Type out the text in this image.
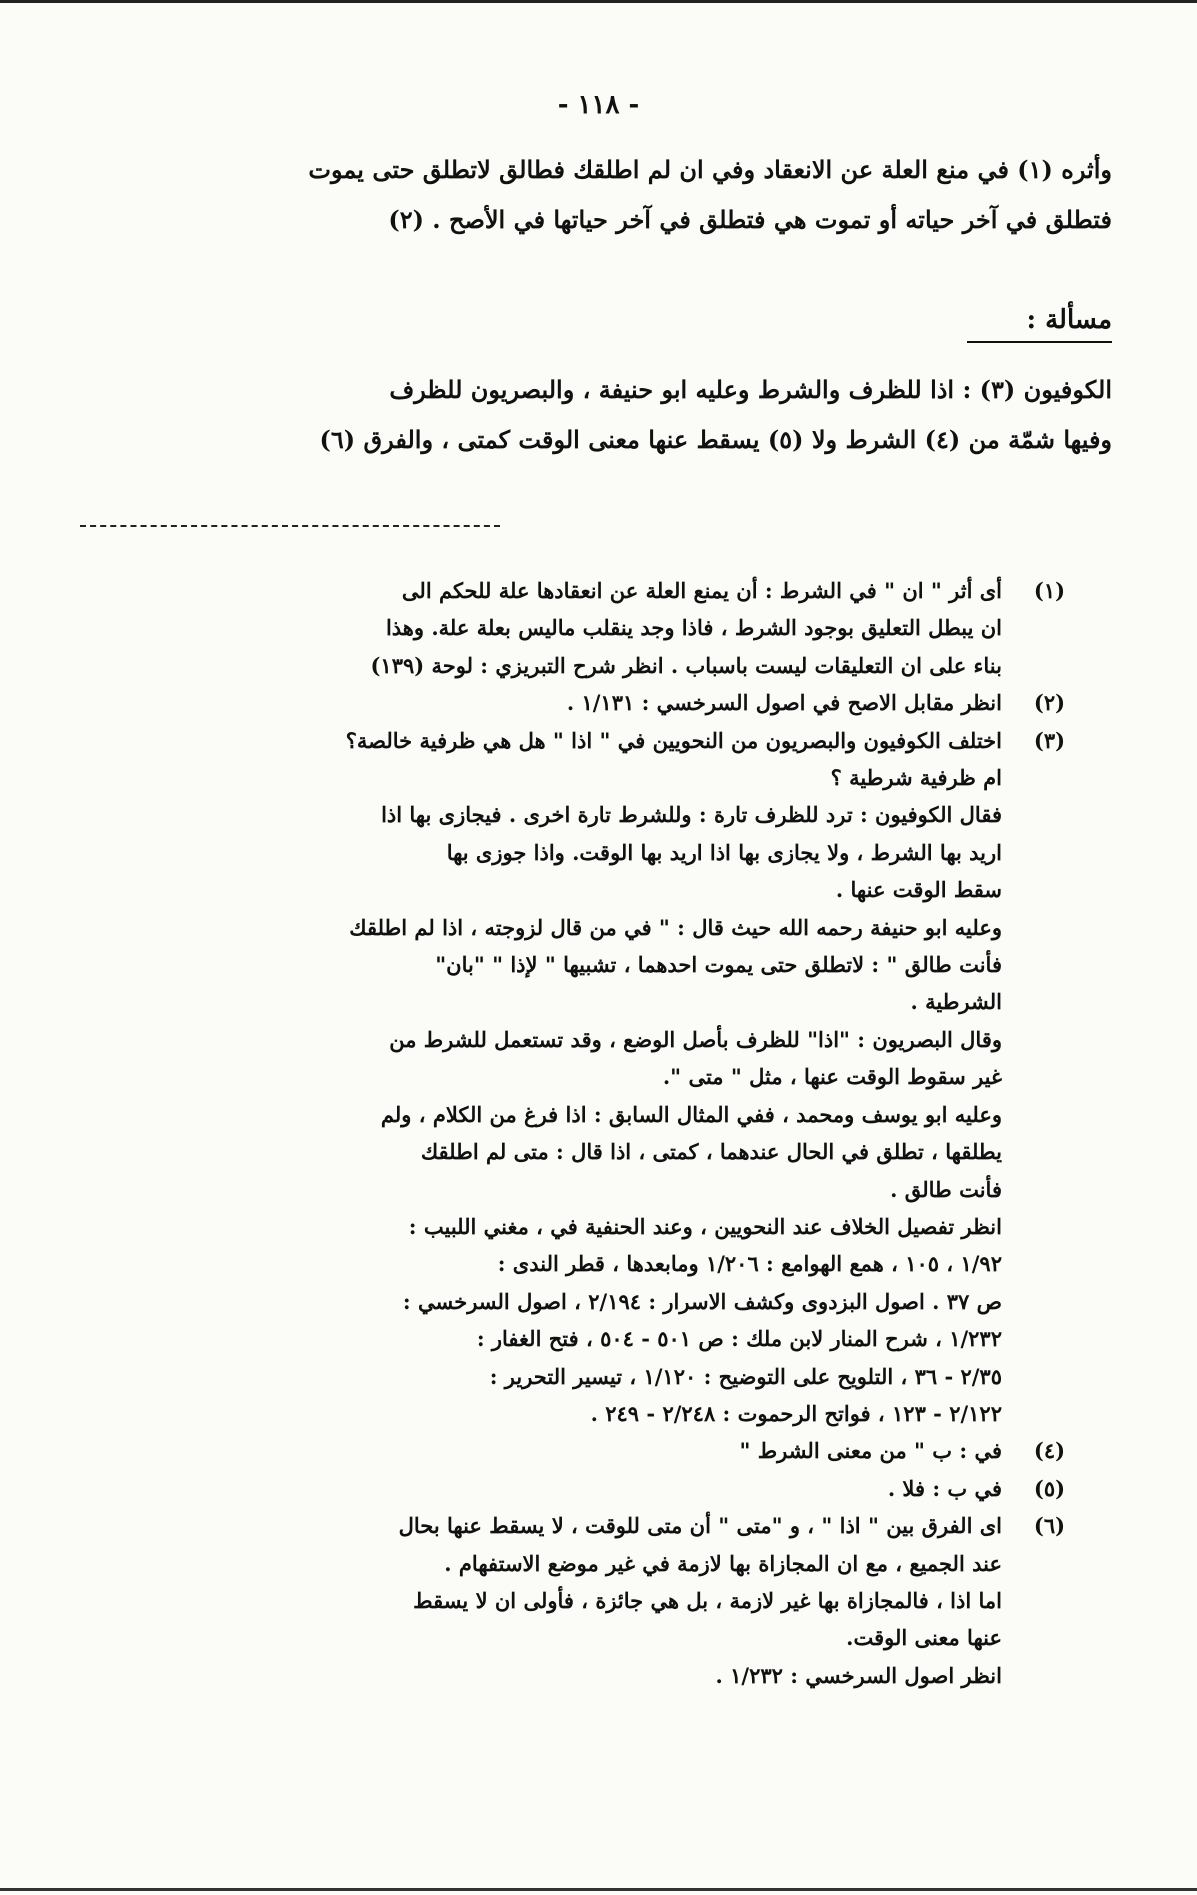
- ١١٨ -

وأثره (١) في منع العلة عن الانعقاد وفي ان لم اطلقك فطالق لاتطلق حتى يموت

فتطلق في آخر حياته أو تموت هي فتطلق في آخر حياتها في الأصح . (٢)

مسألة :

الكوفيون (٣) : اذا للظرف والشرط وعليه ابو حنيفة ، والبصريون للظرف

وفيها شمّة من (٤) الشرط ولا (٥) يسقط عنها معنى الوقت كمتى ، والفرق (٦)

(١)

أى أثر " ان " في الشرط : أن يمنع العلة عن انعقادها علة للحكم الى

ان يبطل التعليق بوجود الشرط ، فاذا وجد ينقلب ماليس بعلة علة. وهذا

بناء على ان التعليقات ليست باسباب . انظر شرح التبريزي : لوحة (١٣٩)

(٢)

انظر مقابل الاصح في اصول السرخسي : ١/١٣١ .

(٣)

اختلف الكوفيون والبصريون من النحويين في " اذا " هل هي ظرفية خالصة؟

ام ظرفية شرطية ؟

فقال الكوفيون : ترد للظرف تارة : وللشرط تارة اخرى . فيجازى بها اذا

اريد بها الشرط ، ولا يجازى بها اذا اريد بها الوقت. واذا جوزى بها

سقط الوقت عنها .

وعليه ابو حنيفة رحمه الله حيث قال : " في من قال لزوجته ، اذا لم اطلقك

فأنت طالق " : لاتطلق حتى يموت احدهما ، تشبيها " لإذا " "بان"

الشرطية .

وقال البصريون : "اذا" للظرف بأصل الوضع ، وقد تستعمل للشرط من

غير سقوط الوقت عنها ، مثل " متى ".

وعليه ابو يوسف ومحمد ، ففي المثال السابق : اذا فرغ من الكلام ، ولم

يطلقها ، تطلق في الحال عندهما ، كمتى ، اذا قال : متى لم اطلقك

فأنت طالق .

انظر تفصيل الخلاف عند النحويين ، وعند الحنفية في ، مغني اللبيب :

١/٩٢ ، ١٠٥ ، همع الهوامع : ١/٢٠٦ ومابعدها ، قطر الندى :

ص ٣٧ . اصول البزدوى وكشف الاسرار : ٢/١٩٤ ، اصول السرخسي :

١/٢٣٢ ، شرح المنار لابن ملك : ص ٥٠١ - ٥٠٤ ، فتح الغفار :

٢/٣٥ - ٣٦ ، التلويح على التوضيح : ١/١٢٠ ، تيسير التحرير :

٢/١٢٢ - ١٢٣ ، فواتح الرحموت : ٢/٢٤٨ - ٢٤٩ .

(٤)

في : ب " من معنى الشرط "

(٥)

في ب : فلا .

(٦)

اى الفرق بين " اذا " ، و "متى " أن متى للوقت ، لا يسقط عنها بحال

عند الجميع ، مع ان المجازاة بها لازمة في غير موضع الاستفهام .

اما اذا ، فالمجازاة بها غير لازمة ، بل هي جائزة ، فأولى ان لا يسقط

عنها معنى الوقت.

انظر اصول السرخسي : ١/٢٣٢ .
